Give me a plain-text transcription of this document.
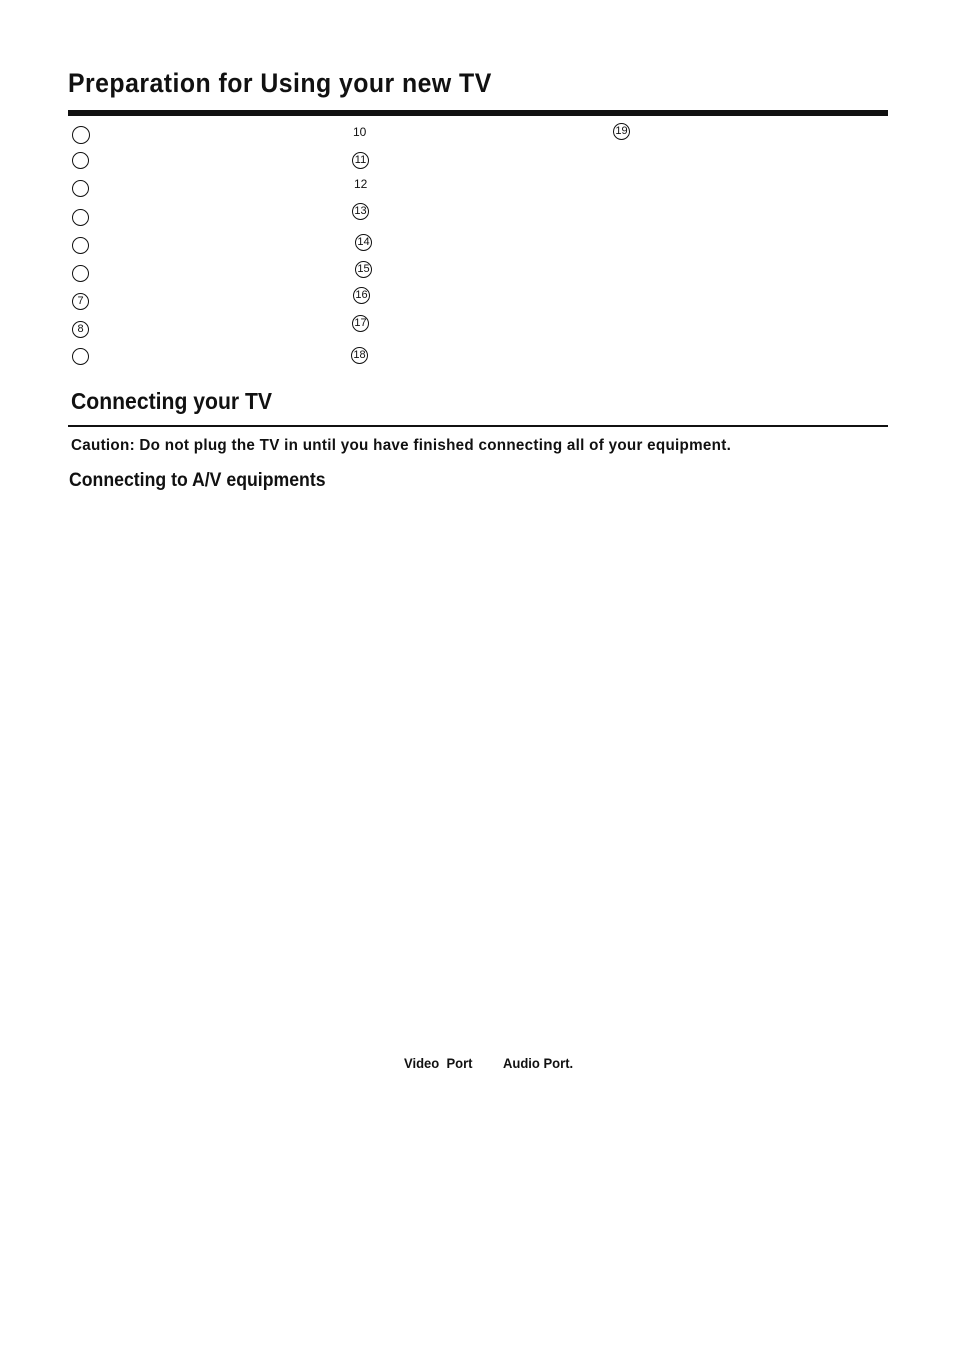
Preparation for Using your new TV
7
8
10
11
12
13
14
15
16
17
18
19
Connecting your TV

Caution: Do not plug the TV in until you have finished connecting all of your equipment.

Connecting to A/V equipments
Video  Port Audio Port.
